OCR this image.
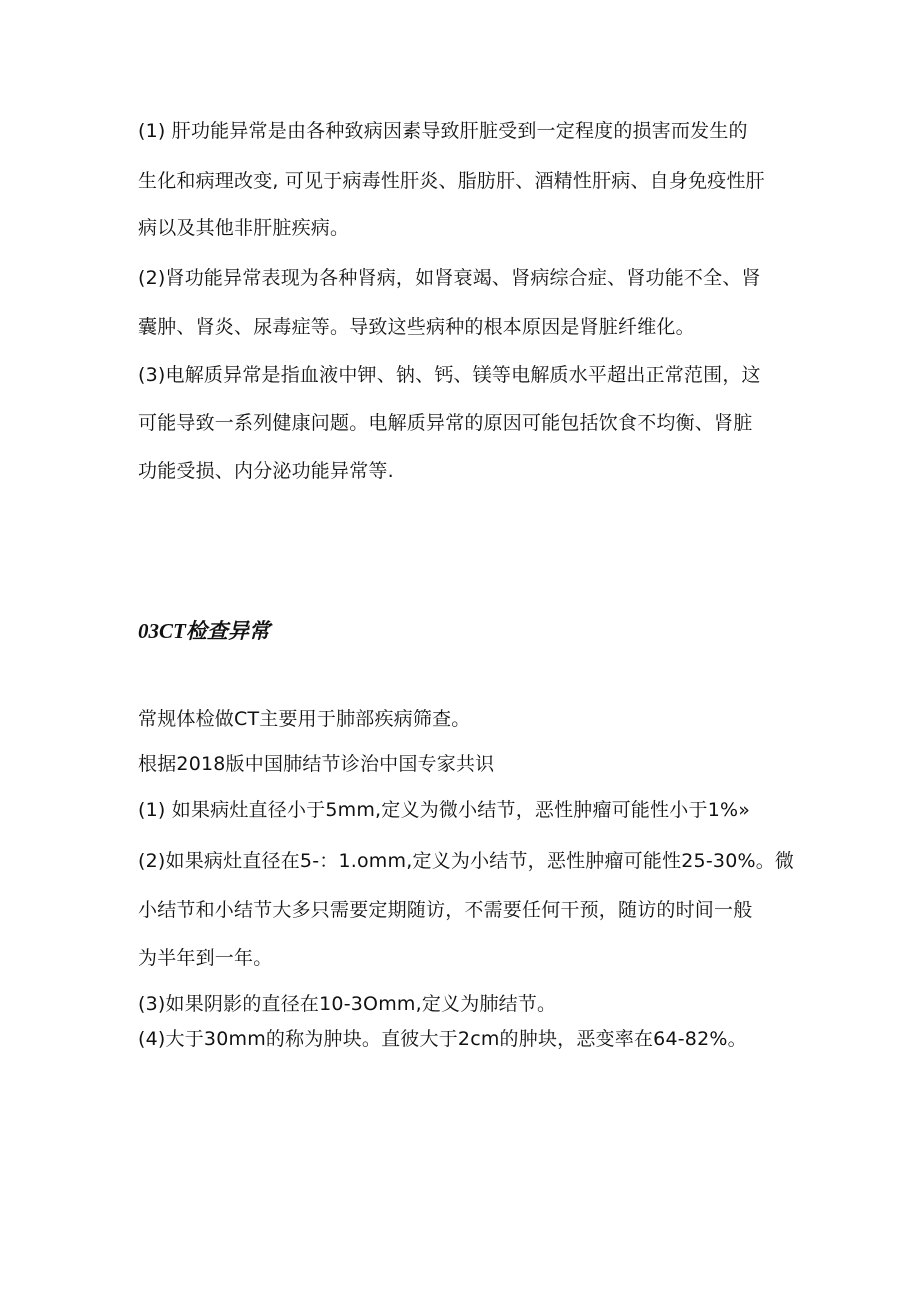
(1) 肝功能异常是由各种致病因素导致肝脏受到一定程度的损害而发生的
生化和病理改变, 可见于病毒性肝炎、脂肪肝、酒精性肝病、自身免疫性肝
病以及其他非肝脏疾病。
(2)肾功能异常表现为各种肾病，如肾衰竭、肾病综合症、肾功能不全、肾
囊肿、肾炎、尿毒症等。导致这些病种的根本原因是肾脏纤维化。
(3)电解质异常是指血液中钾、钠、钙、镁等电解质水平超出正常范围，这
可能导致一系列健康问题。电解质异常的原因可能包括饮食不均衡、肾脏
功能受损、内分泌功能异常等.
03CT检查异常
常规体检做CT主要用于肺部疾病筛查。
根据2018版中国肺结节诊治中国专家共识
(1) 如果病灶直径小于5mm,定义为微小结节，恶性肿瘤可能性小于1%»
(2)如果病灶直径在5-：1.omm,定义为小结节，恶性肿瘤可能性25-30%。微
小结节和小结节大多只需要定期随访，不需要任何干预，随访的时间一般
为半年到一年。
(3)如果阴影的直径在10-3Omm,定义为肺结节。
(4)大于30mm的称为肿块。直彼大于2cm的肿块，恶变率在64-82%。
